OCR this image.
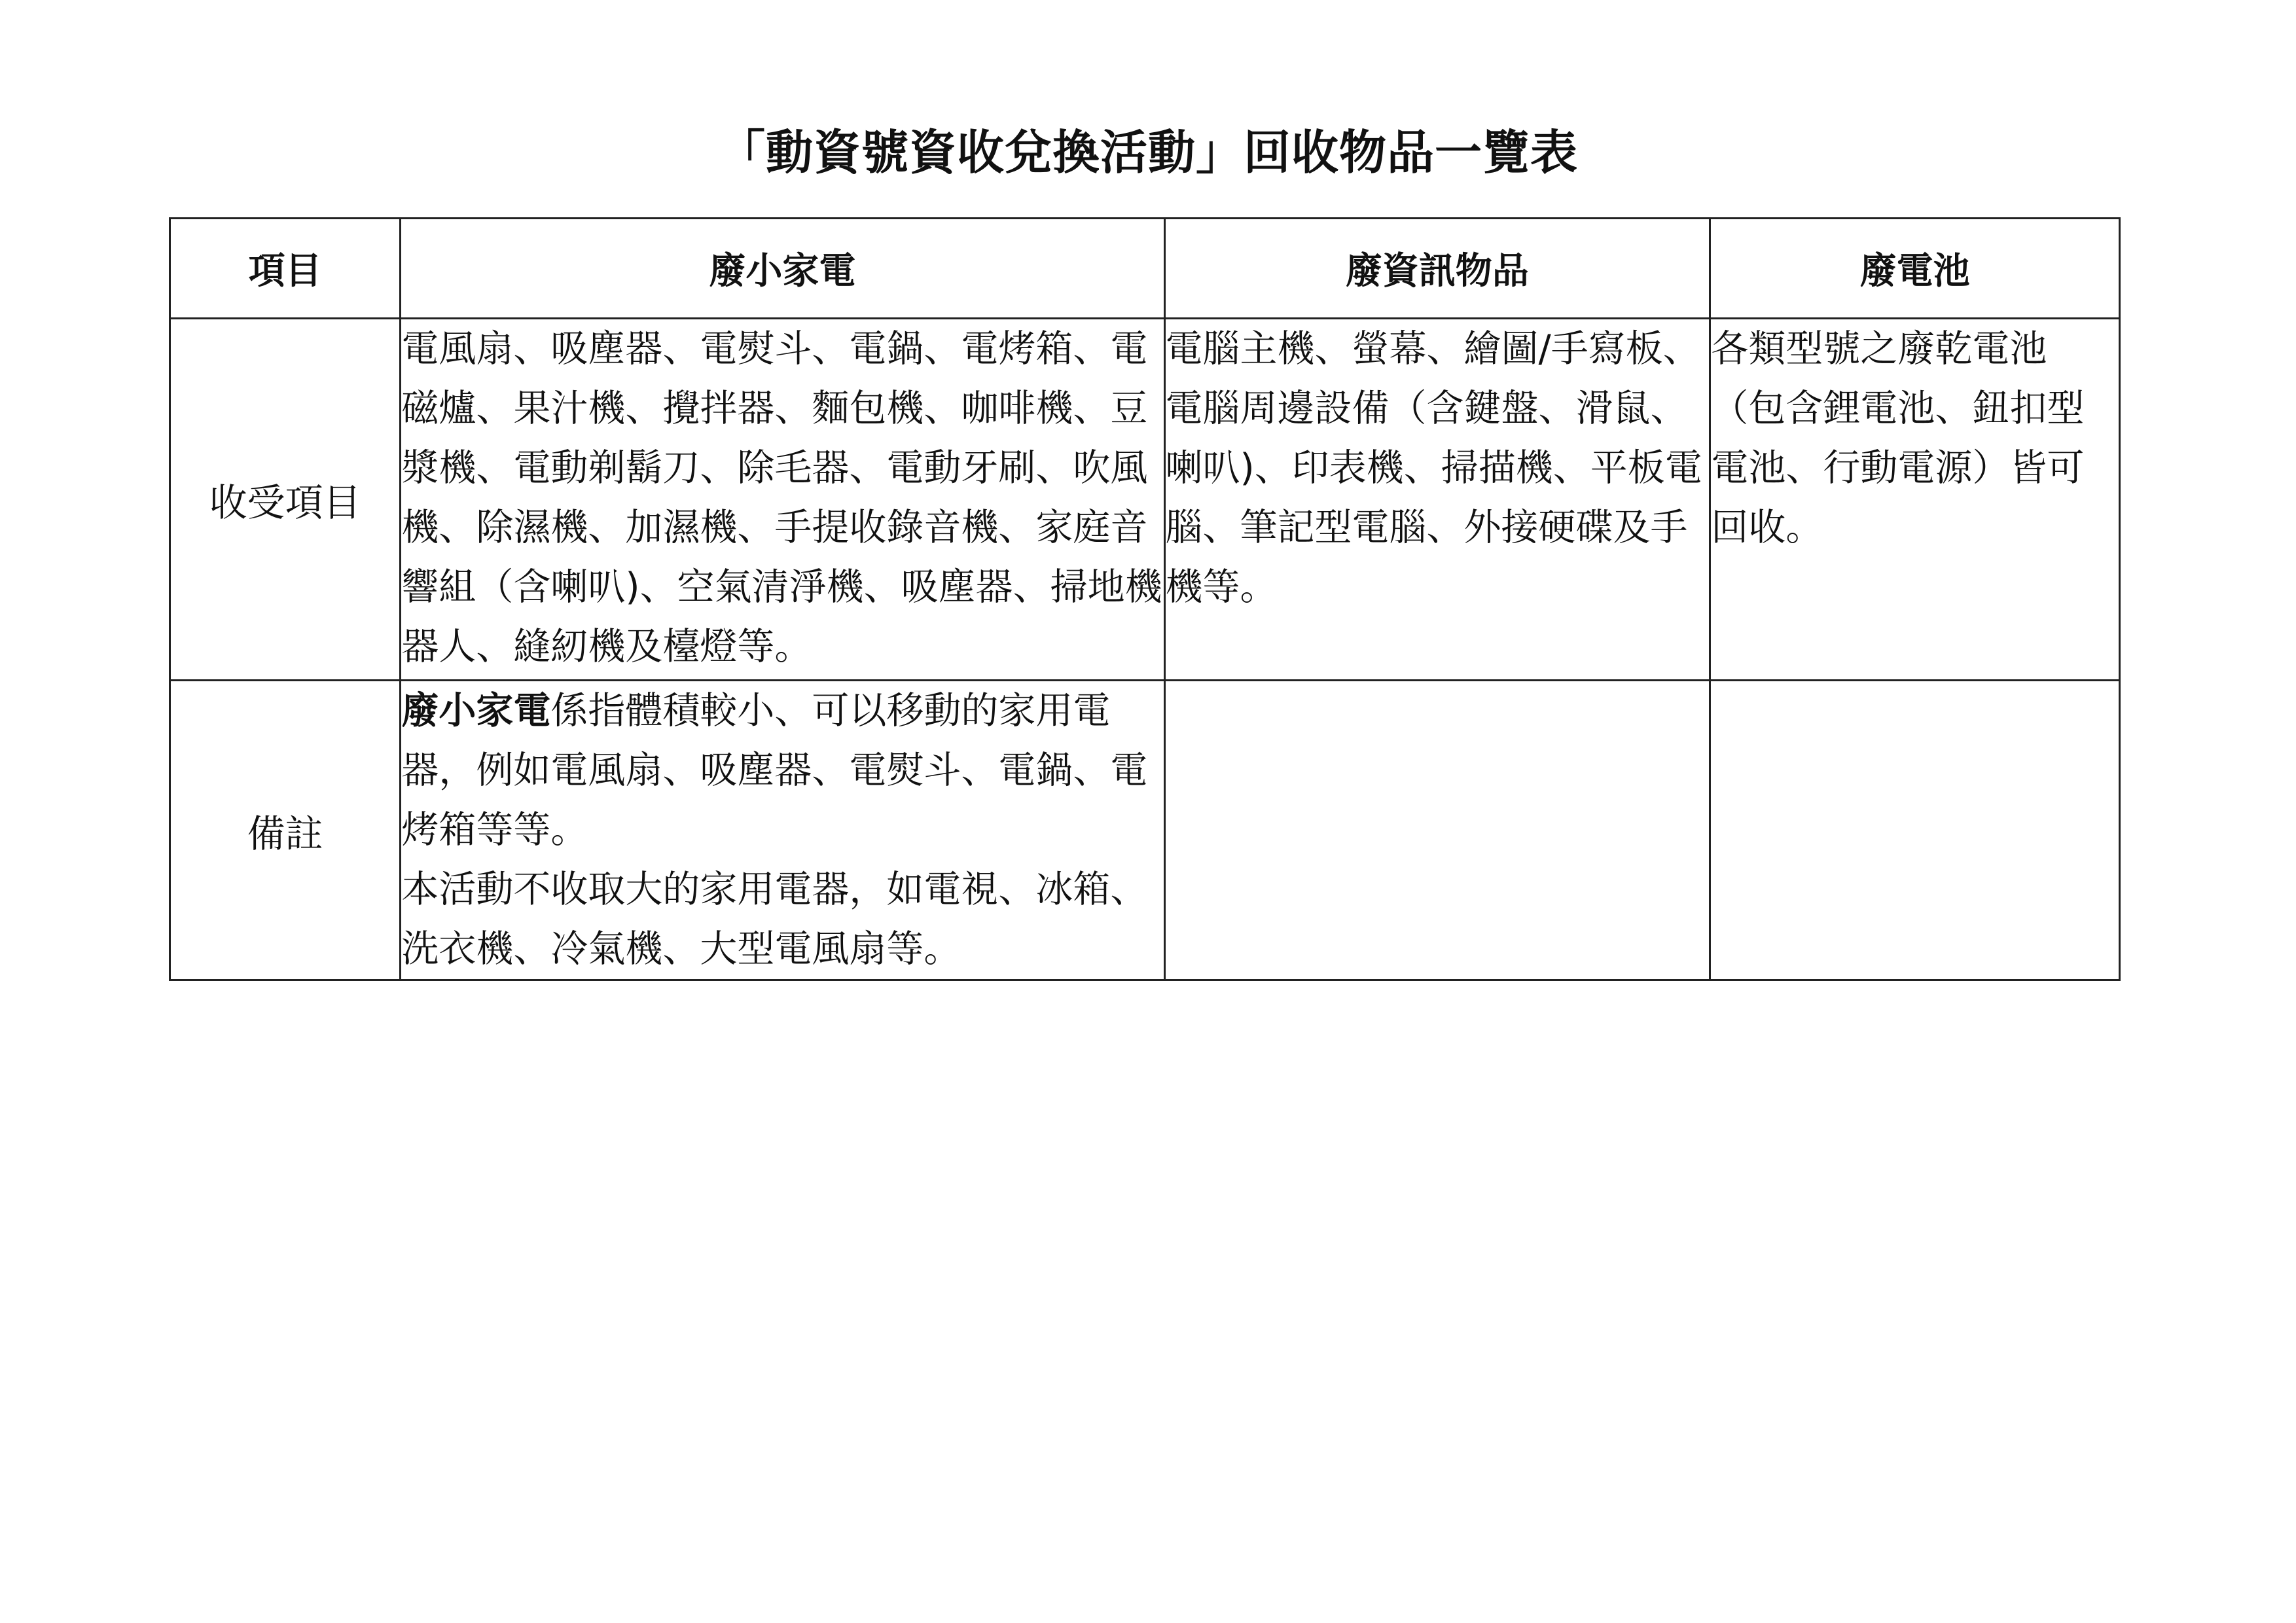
「動資號資收兌換活動」回收物品一覽表
項目	廢小家電	廢資訊物品	廢電池
收受項目	電風扇、吸塵器、電熨斗、電鍋、電烤箱、電磁爐、果汁機、攪拌器、麵包機、咖啡機、豆漿機、電動剃鬍刀、除毛器、電動牙刷、吹風機、除濕機、加濕機、手提收錄音機、家庭音響組（含喇叭)、空氣清淨機、吸塵器、掃地機器人、縫紉機及檯燈等。	電腦主機、螢幕、繪圖/手寫板、電腦周邊設備（含鍵盤、滑鼠、喇叭)、印表機、掃描機、平板電腦、筆記型電腦、外接硬碟及手機等。	各類型號之廢乾電池（包含鋰電池、鈕扣型電池、行動電源）皆可回收。
備註	廢小家電係指體積較小、可以移動的家用電器，例如電風扇、吸塵器、電熨斗、電鍋、電烤箱等等。
本活動不收取大的家用電器，如電視、冰箱、洗衣機、冷氣機、大型電風扇等。		
